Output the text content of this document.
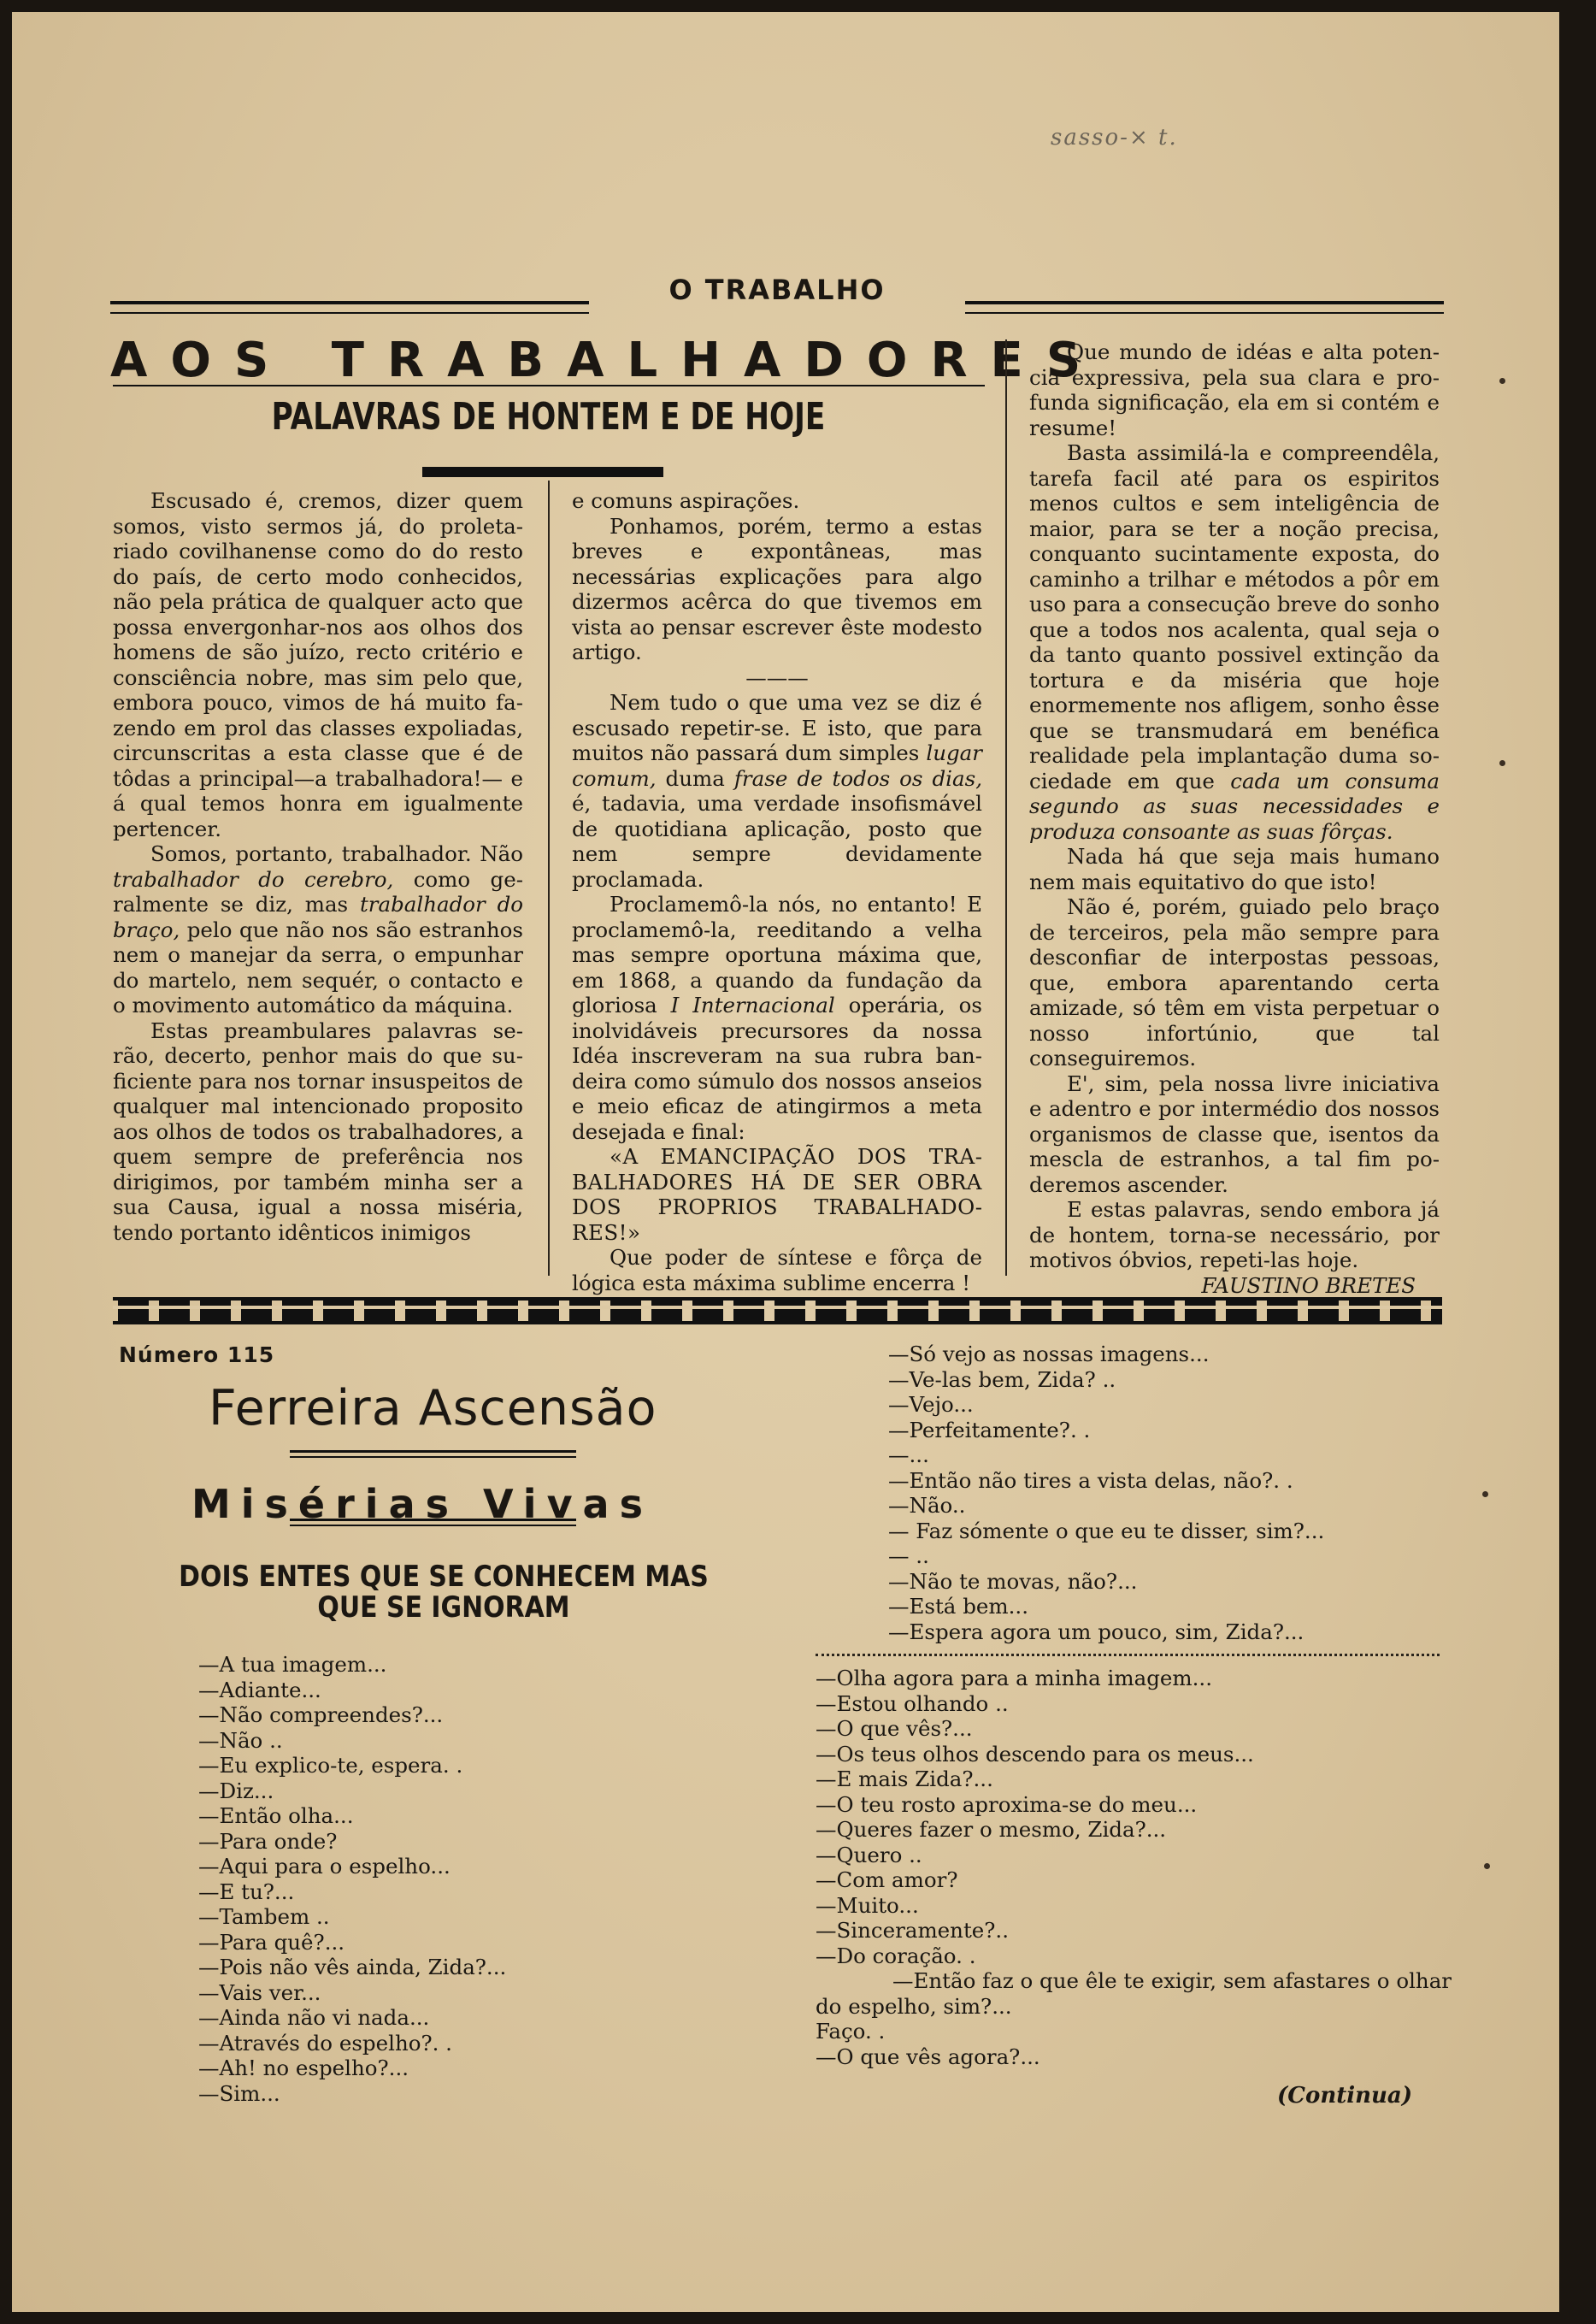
sasso-× t.
O TRABALHO
AOS TRABALHADORES
PALAVRAS DE HONTEM E DE HOJE

Escusado é, cremos, dizer quem somos, visto sermos já, do proletariado covilhanense como do do resto do país, de certo modo conhecidos, não pela prática de qualquer acto que possa envergonhar-nos aos olhos dos homens de são juízo, recto critério e consciência nobre, mas sim pelo que, embora pouco, vimos de há muito fazendo em prol das classes expoliadas, circunscritas a esta classe que é de tôdas a principal—a trabalhadora!— e á qual temos honra em igualmente pertencer.

Somos, portanto, trabalhador. Não trabalhador do cerebro, como geralmente se diz, mas trabalhador do braço, pelo que não nos são estranhos nem o manejar da serra, o empunhar do martelo, nem sequér, o contacto e o movimento automático da máquina.

Estas preambulares palavras serão, decerto, penhor mais do que suficiente para nos tornar insuspeitos de qualquer mal intencionado proposito aos olhos de todos os trabalhadores, a quem sempre de preferência nos dirigimos, por também minha ser a sua Causa, igual a nossa miséria, tendo portanto idênticos inimigos

e comuns aspirações.

Ponhamos, porém, termo a estas breves e expontâneas, mas necessárias explicações para algo dizermos acêrca do que tivemos em vista ao pensar escrever êste modesto artigo.

———

Nem tudo o que uma vez se diz é escusado repetir-se. E isto, que para muitos não passará dum simples lugar comum, duma frase de todos os dias, é, tadavia, uma verdade insofismável de quotidiana aplicação, posto que nem sempre devidamente proclamada.

Proclamemô-la nós, no entanto! E proclamemô-la, reeditando a velha mas sempre oportuna máxima que, em 1868, a quando da fundação da gloriosa I Internacional operária, os inolvidáveis precursores da nossa Idéa inscreveram na sua rubra bandeira como súmulo dos nossos anseios e meio eficaz de atingirmos a meta desejada e final:

«A EMANCIPAÇÃO DOS TRABALHADORES HÁ DE SER OBRA DOS PROPRIOS TRABALHADORES!»

Que poder de síntese e fôrça de lógica esta máxima sublime encerra !

Que mundo de idéas e alta potencia expressiva, pela sua clara e profunda significação, ela em si contém e resume!

Basta assimilá-la e compreendêla, tarefa facil até para os espiritos menos cultos e sem inteligência de maior, para se ter a noção precisa, conquanto sucintamente exposta, do caminho a trilhar e métodos a pôr em uso para a consecução breve do sonho que a todos nos acalenta, qual seja o da tanto quanto possivel extinção da tortura e da miséria que hoje enormemente nos afligem, sonho êsse que se transmudará em benéfica realidade pela implantação duma sociedade em que cada um consuma segundo as suas necessidades e produza consoante as suas fôrças.

Nada há que seja mais humano nem mais equitativo do que isto!

Não é, porém, guiado pelo braço de terceiros, pela mão sempre para desconfiar de interpostas pessoas, que, embora aparentando certa amizade, só têm em vista perpetuar o nosso infortúnio, que tal conseguiremos.

E', sim, pela nossa livre iniciativa e adentro e por intermédio dos nossos organismos de classe que, isentos da mescla de estranhos, a tal fim poderemos ascender.

E estas palavras, sendo embora já de hontem, torna-se necessário, por motivos óbvios, repeti-las hoje.

FAUSTINO BRETES

Número 115
Ferreira Ascensão
Misérias Vivas
DOIS ENTES QUE SE CONHECEM MAS QUE SE IGNORAM
—A tua imagem...
—Adiante...
—Não compreendes?...
—Não ..
—Eu explico-te, espera. .
—Diz...
—Então olha...
—Para onde?
—Aqui para o espelho...
—E tu?...
—Tambem ..
—Para quê?...
—Pois não vês ainda, Zida?...
—Vais ver...
—Ainda não vi nada...
—Através do espelho?. .
—Ah! no espelho?...
—Sim...
—Só vejo as nossas imagens...
—Ve-las bem, Zida? ..
—Vejo...
—Perfeitamente?. .
—...
—Então não tires a vista delas, não?. .
—Não..
— Faz sómente o que eu te disser, sim?...
— ..
—Não te movas, não?...
—Está bem...
—Espera agora um pouco, sim, Zida?...
—Olha agora para a minha imagem...
—Estou olhando ..
—O que vês?...
—Os teus olhos descendo para os meus...
—E mais Zida?...
—O teu rosto aproxima-se do meu...
—Queres fazer o mesmo, Zida?...
—Quero ..
—Com amor?
—Muito...
—Sinceramente?..
—Do coração. .
—Então faz o que êle te exigir, sem afastares o olhar do espelho, sim?...
Faço. .
—O que vês agora?...
(Continua)
